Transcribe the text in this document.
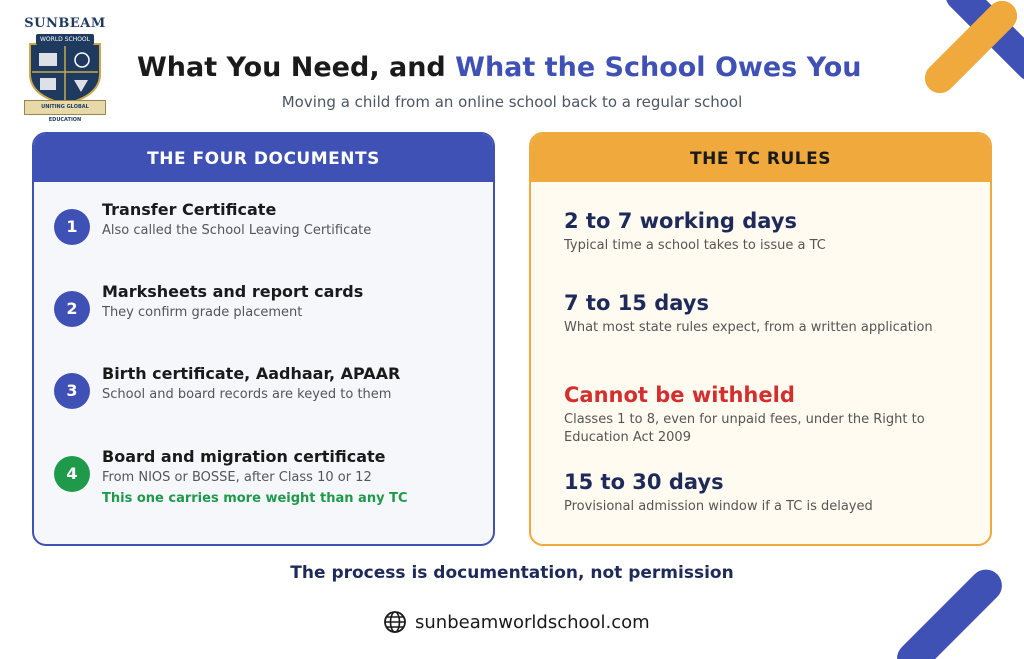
SUNBEAM
WORLD SCHOOL
UNITING GLOBAL EDUCATION
What You Need, and What the School Owes You
Moving a child from an online school back to a regular school
THE FOUR DOCUMENTS
1
Transfer Certificate
Also called the School Leaving Certificate
2
Marksheets and report cards
They confirm grade placement
3
Birth certificate, Aadhaar, APAAR
School and board records are keyed to them
4
Board and migration certificate
From NIOS or BOSSE, after Class 10 or 12
This one carries more weight than any TC
THE TC RULES
2 to 7 working days
Typical time a school takes to issue a TC
7 to 15 days
What most state rules expect, from a written application
Cannot be withheld
Classes 1 to 8, even for unpaid fees, under the Right to Education Act 2009
15 to 30 days
Provisional admission window if a TC is delayed
The process is documentation, not permission
sunbeamworldschool.com
